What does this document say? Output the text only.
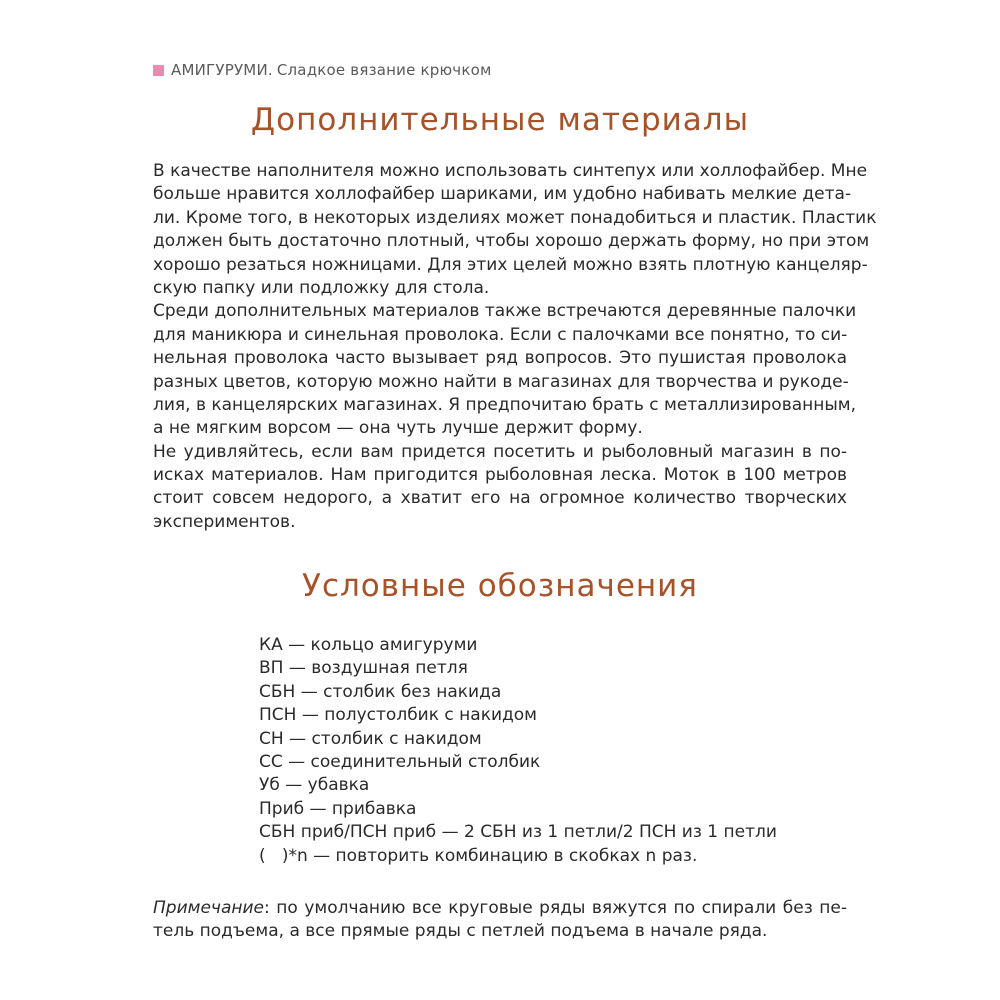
АМИГУРУМИ. Сладкое вязание крючком
Дополнительные материалы
В качестве наполнителя можно использовать синтепух или холлофайбер. Мне
больше нравится холлофайбер шариками, им удобно набивать мелкие дета-
ли. Кроме того, в некоторых изделиях может понадобиться и пластик. Пластик
должен быть достаточно плотный, чтобы хорошо держать форму, но при этом
хорошо резаться ножницами. Для этих целей можно взять плотную канцеляр-
скую папку или подложку для стола.
Среди дополнительных материалов также встречаются деревянные палочки
для маникюра и синельная проволока. Если с палочками все понятно, то си-
нельная проволока часто вызывает ряд вопросов. Это пушистая проволока
разных цветов, которую можно найти в магазинах для творчества и рукоде-
лия, в канцелярских магазинах. Я предпочитаю брать с металлизированным,
а не мягким ворсом — она чуть лучше держит форму.
Не удивляйтесь, если вам придется посетить и рыболовный магазин в по-
исках материалов. Нам пригодится рыболовная леска. Моток в 100 метров
стоит совсем недорого, а хватит его на огромное количество творческих
экспериментов.
Условные обозначения
КА — кольцо амигуруми
ВП — воздушная петля
СБН — столбик без накида
ПСН — полустолбик с накидом
СН — столбик с накидом
СС — соединительный столбик
Уб — убавка
Приб — прибавка
СБН приб/ПСН приб — 2 СБН из 1 петли/2 ПСН из 1 петли
(   )*n — повторить комбинацию в скобках n раз.
Примечание: по умолчанию все круговые ряды вяжутся по спирали без пе-
тель подъема, а все прямые ряды с петлей подъема в начале ряда.
